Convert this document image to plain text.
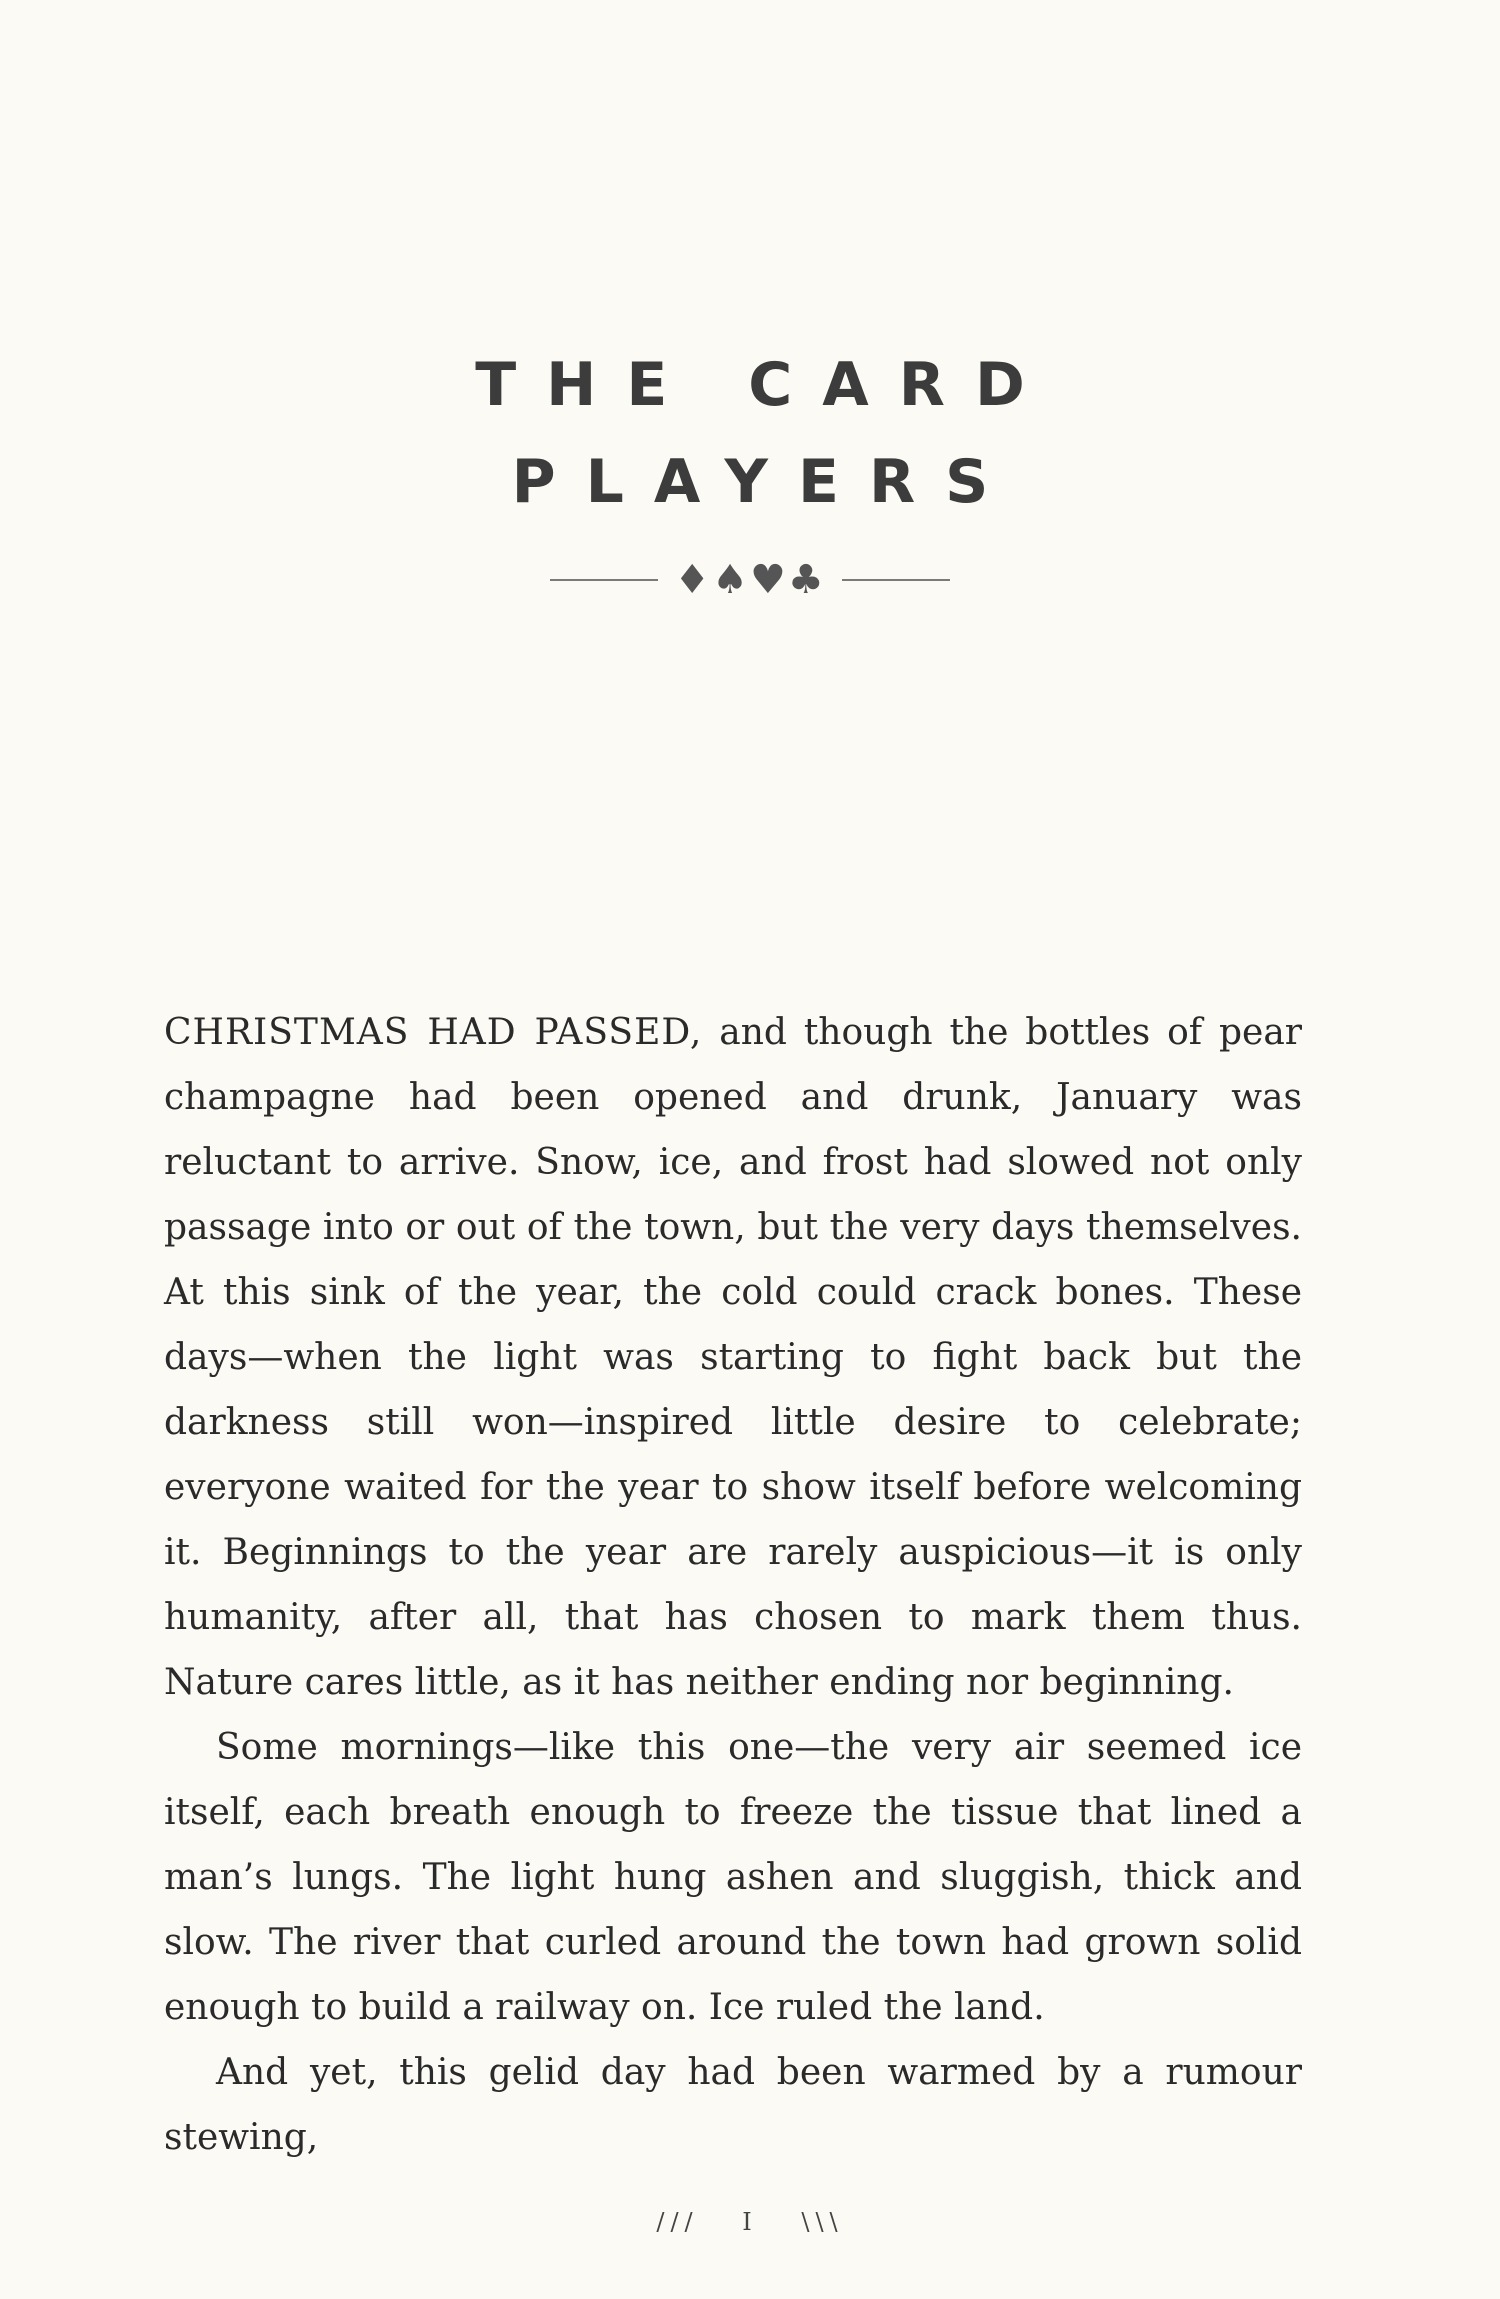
THE CARD
PLAYERS
♦♠♥♣

CHRISTMAS HAD PASSED, and though the bottles of pear champagne had been opened and drunk, January was reluctant to arrive. Snow, ice, and frost had slowed not only passage into or out of the town, but the very days themselves. At this sink of the year, the cold could crack bones. These days—when the light was starting to fight back but the darkness still won—inspired little desire to celebrate; everyone waited for the year to show itself before welcoming it. Beginnings to the year are rarely auspicious—it is only humanity, after all, that has chosen to mark them thus. Nature cares little, as it has neither ending nor beginning.

Some mornings—like this one—the very air seemed ice itself, each breath enough to freeze the tissue that lined a man’s lungs. The light hung ashen and sluggish, thick and slow. The river that curled around the town had grown solid enough to build a railway on. Ice ruled the land.

And yet, this gelid day had been warmed by a rumour stewing,

/// I \\\
